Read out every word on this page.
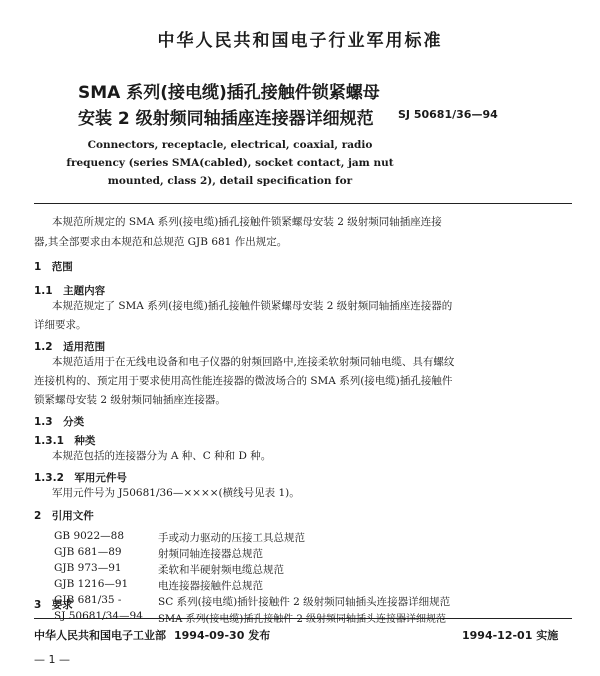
中华人民共和国电子行业军用标准
SMA 系列(接电缆)插孔接触件锁紧螺母
安装 2 级射频同轴插座连接器详细规范 SJ 50681/36—94
Connectors, receptacle, electrical, coaxial, radio
frequency (series SMA(cabled), socket contact, jam nut
mounted, class 2), detail specification for
本规范所规定的 SMA 系列(接电缆)插孔接触件锁紧螺母安装 2 级射频同轴插座连接
器,其全部要求由本规范和总规范 GJB 681 作出规定。
1　范围
1.1　主题内容
本规范规定了 SMA 系列(接电缆)插孔接触件锁紧螺母安装 2 级射频同轴插座连接器的
详细要求。
1.2　适用范围
本规范适用于在无线电设备和电子仪器的射频回路中,连接柔软射频同轴电缆、具有螺纹
连接机构的、预定用于要求使用高性能连接器的微波场合的 SMA 系列(接电缆)插孔接触件
锁紧螺母安装 2 级射频同轴插座连接器。
1.3　分类
1.3.1　种类
本规范包括的连接器分为 A 种、C 种和 D 种。
1.3.2　军用元件号
军用元件号为 J50681/36—××××(横线号见表 1)。
2　引用文件
GB 9022—88	手或动力驱动的压接工具总规范
GJB 681—89	射频同轴连接器总规范
GJB 973—91	柔软和半硬射频电缆总规范
GJB 1216—91	电连接器接触件总规范
GJB 681/35 -	SC 系列(接电缆)插针接触件 2 级射频同轴插头连接器详细规范
SJ 50681/34—94 SMA 系列(接电缆)插孔接触件 2 级射频同轴插头连接器详细规范
3　要求
中华人民共和国电子工业部 1994-09-30 发布	1994-12-01 实施
— 1 —
